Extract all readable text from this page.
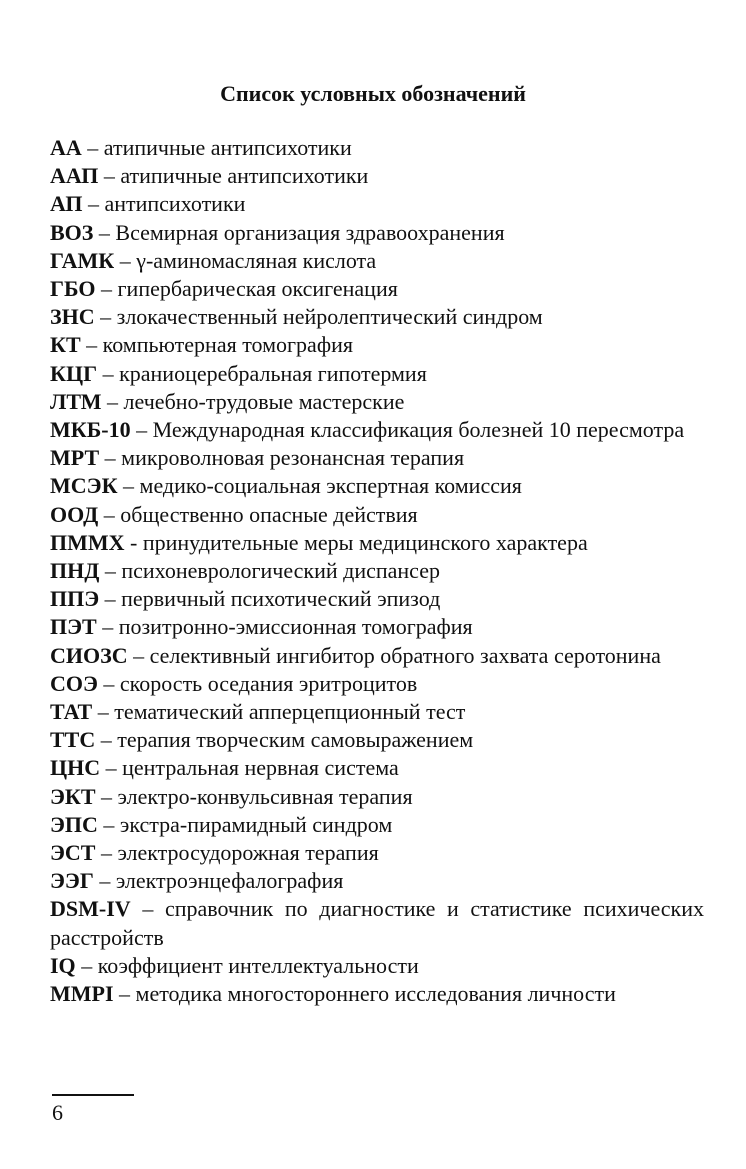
Список условных обозначений
АА – атипичные антипсихотики
ААП – атипичные антипсихотики
АП – антипсихотики
ВОЗ – Всемирная организация здравоохранения
ГАМК – γ-аминомасляная кислота
ГБО – гипербарическая оксигенация
ЗНС – злокачественный нейролептический синдром
КТ – компьютерная томография
КЦГ – краниоцеребральная гипотермия
ЛТМ – лечебно-трудовые мастерские
МКБ-10 – Международная классификация болезней 10 пересмотра
МРТ – микроволновая резонансная терапия
МСЭК – медико-социальная экспертная комиссия
ООД – общественно опасные действия
ПММХ - принудительные меры медицинского характера
ПНД – психоневрологический диспансер
ППЭ – первичный психотический эпизод
ПЭТ – позитронно-эмиссионная томография
СИОЗС – селективный ингибитор обратного захвата серотонина
СОЭ – скорость оседания эритроцитов
ТАТ – тематический апперцепционный тест
ТТС – терапия творческим самовыражением
ЦНС – центральная нервная система
ЭКТ – электро-конвульсивная терапия
ЭПС – экстра-пирамидный синдром
ЭСТ – электросудорожная терапия
ЭЭГ – электроэнцефалография
DSM-IV – справочник по диагностике и статистике психических расстройств
IQ – коэффициент интеллектуальности
MMPI – методика многостороннего исследования личности
6
